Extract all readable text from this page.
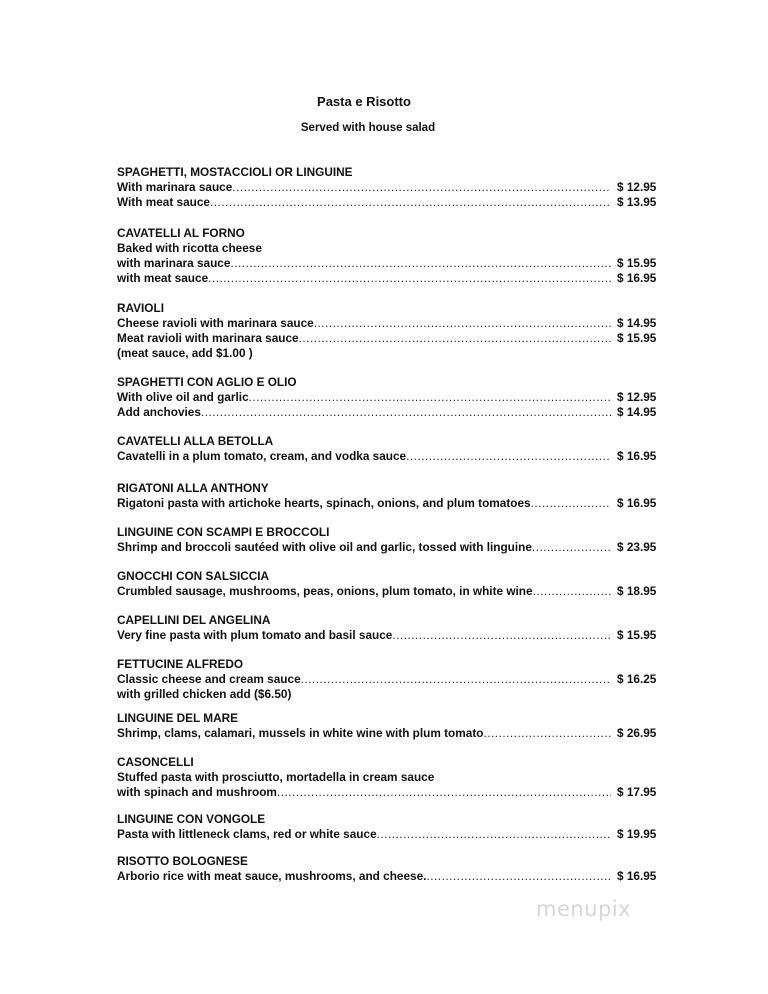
Pasta e Risotto
Served with house salad
SPAGHETTI, MOSTACCIOLI OR LINGUINE
With marinara sauce .....	$ 12.95
With meat sauce .....	$ 13.95
CAVATELLI AL FORNO
Baked with ricotta cheese
with marinara sauce .....	$ 15.95
with meat sauce .....	$ 16.95
RAVIOLI
Cheese ravioli with marinara sauce .....	$ 14.95
Meat ravioli with marinara sauce .....	$ 15.95
(meat sauce, add $1.00 )
SPAGHETTI CON AGLIO E OLIO
With olive oil and garlic .....	$ 12.95
Add anchovies .....	$ 14.95
CAVATELLI ALLA BETOLLA
Cavatelli in a plum tomato, cream, and vodka sauce .....	$ 16.95
RIGATONI ALLA ANTHONY
Rigatoni pasta with artichoke hearts, spinach, onions, and plum tomatoes .....	$ 16.95
LINGUINE CON SCAMPI E BROCCOLI
Shrimp and broccoli sautéed with olive oil and garlic, tossed with linguine .....	$ 23.95
GNOCCHI CON SALSICCIA
Crumbled sausage, mushrooms, peas, onions, plum tomato, in white wine .....	$ 18.95
CAPELLINI DEL ANGELINA
Very fine pasta with plum tomato and basil sauce .....	$ 15.95
FETTUCINE ALFREDO
Classic cheese and cream sauce .....	$ 16.25
with grilled chicken add ($6.50)
LINGUINE DEL MARE
Shrimp, clams, calamari, mussels in white wine with plum tomato .....	$ 26.95
CASONCELLI
Stuffed pasta with prosciutto, mortadella in cream sauce
with spinach and mushroom .....	$ 17.95
LINGUINE CON VONGOLE
Pasta with littleneck clams, red or white sauce .....	$ 19.95
RISOTTO BOLOGNESE
Arborio rice with meat sauce, mushrooms, and cheese. .....	$ 16.95
menupix
